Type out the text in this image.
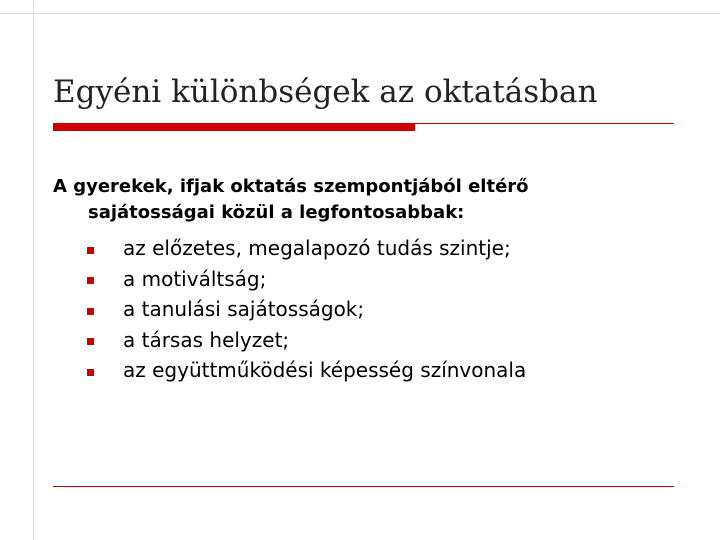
Egyéni különbségek az oktatásban
A gyerekek, ifjak oktatás szempontjából eltérő
sajátosságai közül a legfontosabbak:
az előzetes, megalapozó tudás szintje;
a motiváltság;
a tanulási sajátosságok;
a társas helyzet;
az együttműködési képesség színvonala
